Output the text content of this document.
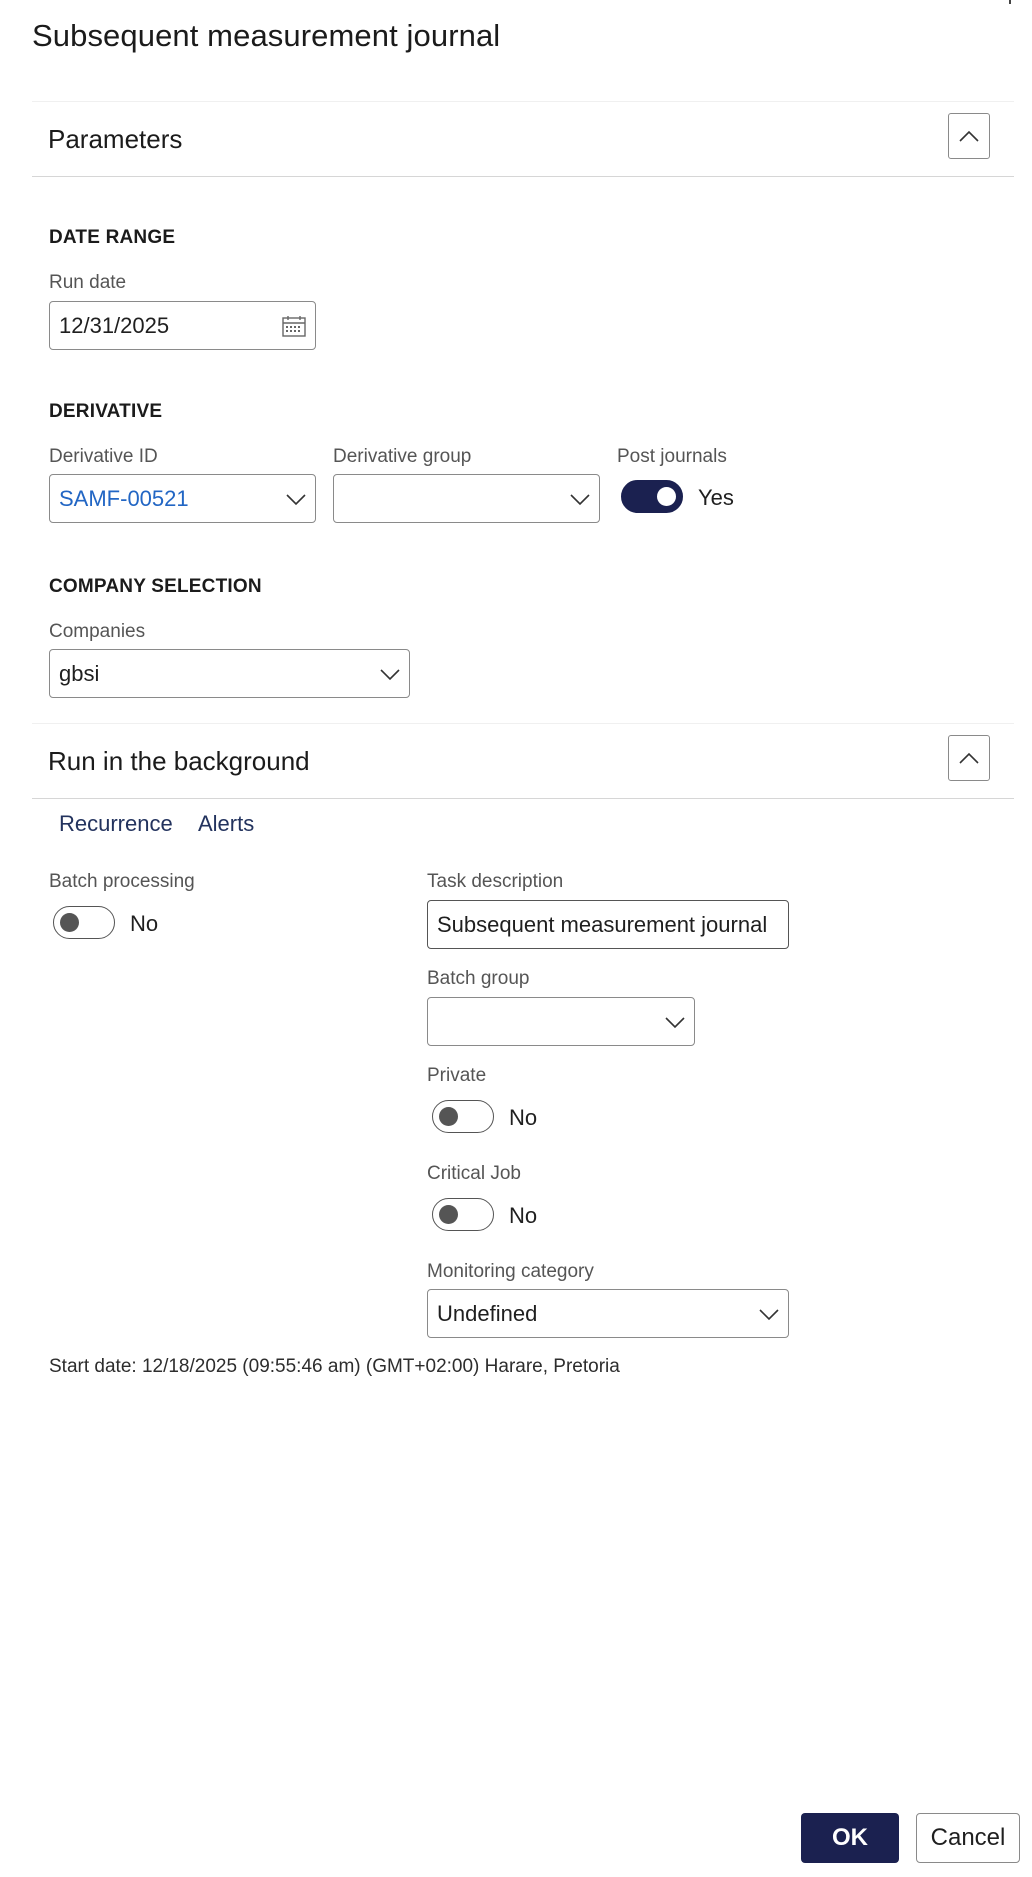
Subsequent measurement journal
Parameters
DATE RANGE
Run date
12/31/2025
DERIVATIVE
Derivative ID
SAMF-00521
Derivative group	Post journals
Yes
COMPANY SELECTION
Companies
gbsi
Run in the background
Recurrence Alerts
Batch processing
No
Task description
Subsequent measurement journal
Batch group
Private
No
Critical Job
No
Monitoring category
Undefined
Start date: 12/18/2025 (09:55:46 am) (GMT+02:00) Harare, Pretoria
OK	Cancel
